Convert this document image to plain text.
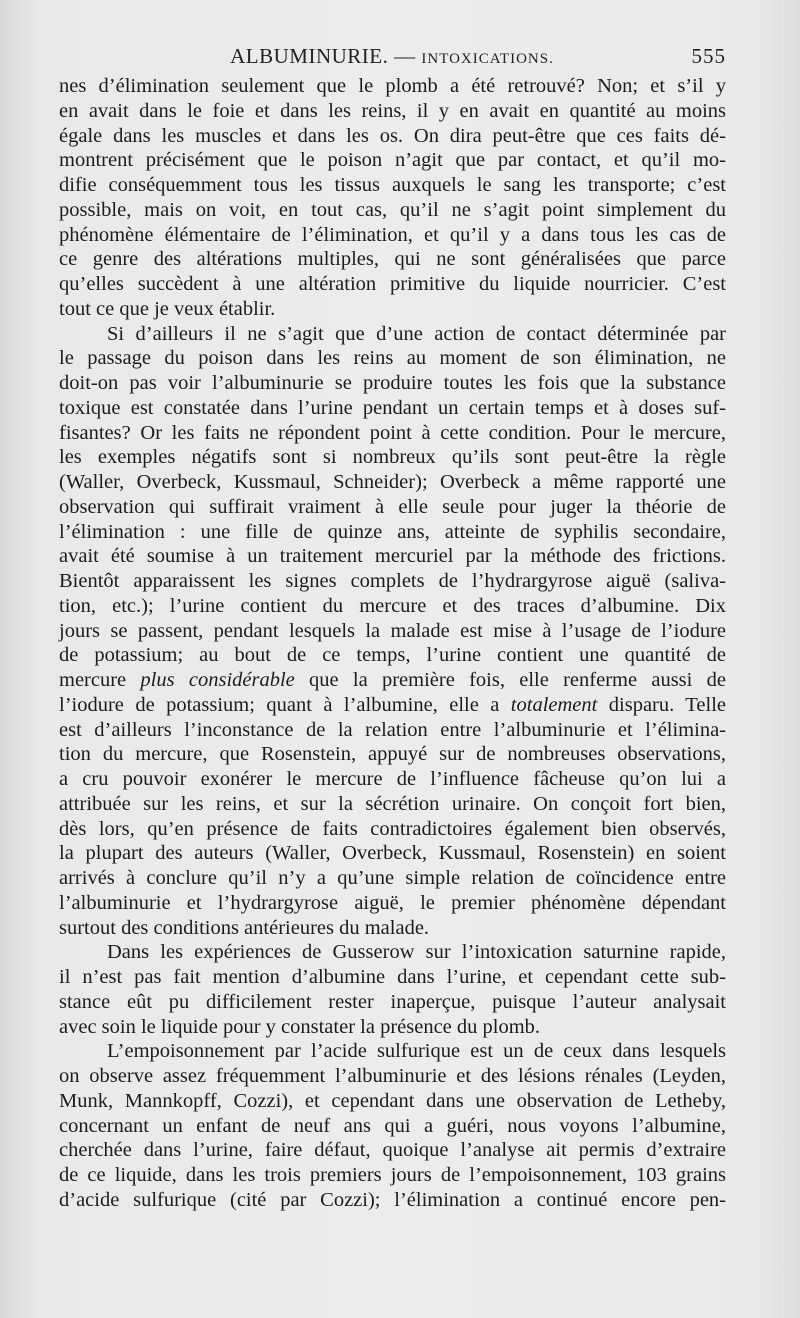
ALBUMINURIE. — INTOXICATIONS.	555
nes d’élimination seulement que le plomb a été retrouvé? Non; et s’il y
en avait dans le foie et dans les reins, il y en avait en quantité au moins
égale dans les muscles et dans les os. On dira peut-être que ces faits dé-
montrent précisément que le poison n’agit que par contact, et qu’il mo-
difie conséquemment tous les tissus auxquels le sang les transporte; c’est
possible, mais on voit, en tout cas, qu’il ne s’agit point simplement du
phénomène élémentaire de l’élimination, et qu’il y a dans tous les cas de
ce genre des altérations multiples, qui ne sont généralisées que parce
qu’elles succèdent à une altération primitive du liquide nourricier. C’est
tout ce que je veux établir.
Si d’ailleurs il ne s’agit que d’une action de contact déterminée par
le passage du poison dans les reins au moment de son élimination, ne
doit-on pas voir l’albuminurie se produire toutes les fois que la substance
toxique est constatée dans l’urine pendant un certain temps et à doses suf-
fisantes? Or les faits ne répondent point à cette condition. Pour le mercure,
les exemples négatifs sont si nombreux qu’ils sont peut-être la règle
(Waller, Overbeck, Kussmaul, Schneider); Overbeck a même rapporté une
observation qui suffirait vraiment à elle seule pour juger la théorie de
l’élimination : une fille de quinze ans, atteinte de syphilis secondaire,
avait été soumise à un traitement mercuriel par la méthode des frictions.
Bientôt apparaissent les signes complets de l’hydrargyrose aiguë (saliva-
tion, etc.); l’urine contient du mercure et des traces d’albumine. Dix
jours se passent, pendant lesquels la malade est mise à l’usage de l’iodure
de potassium; au bout de ce temps, l’urine contient une quantité de
mercure plus considérable que la première fois, elle renferme aussi de
l’iodure de potassium; quant à l’albumine, elle a totalement disparu. Telle
est d’ailleurs l’inconstance de la relation entre l’albuminurie et l’élimina-
tion du mercure, que Rosenstein, appuyé sur de nombreuses observations,
a cru pouvoir exonérer le mercure de l’influence fâcheuse qu’on lui a
attribuée sur les reins, et sur la sécrétion urinaire. On conçoit fort bien,
dès lors, qu’en présence de faits contradictoires également bien observés,
la plupart des auteurs (Waller, Overbeck, Kussmaul, Rosenstein) en soient
arrivés à conclure qu’il n’y a qu’une simple relation de coïncidence entre
l’albuminurie et l’hydrargyrose aiguë, le premier phénomène dépendant
surtout des conditions antérieures du malade.
Dans les expériences de Gusserow sur l’intoxication saturnine rapide,
il n’est pas fait mention d’albumine dans l’urine, et cependant cette sub-
stance eût pu difficilement rester inaperçue, puisque l’auteur analysait
avec soin le liquide pour y constater la présence du plomb.
L’empoisonnement par l’acide sulfurique est un de ceux dans lesquels
on observe assez fréquemment l’albuminurie et des lésions rénales (Leyden,
Munk, Mannkopff, Cozzi), et cependant dans une observation de Letheby,
concernant un enfant de neuf ans qui a guéri, nous voyons l’albumine,
cherchée dans l’urine, faire défaut, quoique l’analyse ait permis d’extraire
de ce liquide, dans les trois premiers jours de l’empoisonnement, 103 grains
d’acide sulfurique (cité par Cozzi); l’élimination a continué encore pen-
